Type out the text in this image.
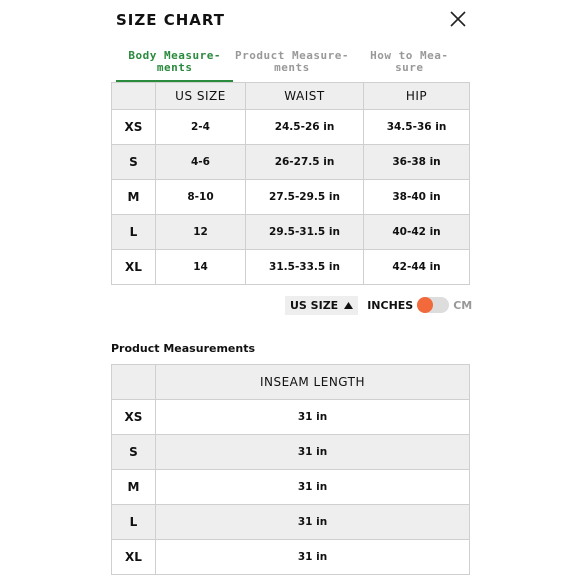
SIZE CHART
Body Measure-
ments
Product Measure-
ments
How to Mea-
sure
	US SIZE	WAIST	HIP
XS	2-4	24.5-26 in	34.5-36 in
S	4-6	26-27.5 in	36-38 in
M	8-10	27.5-29.5 in	38-40 in
L	12	29.5-31.5 in	40-42 in
XL	14	31.5-33.5 in	42-44 in
US SIZE	INCHES	CM
Product Measurements
	INSEAM LENGTH
XS	31 in
S	31 in
M	31 in
L	31 in
XL	31 in
